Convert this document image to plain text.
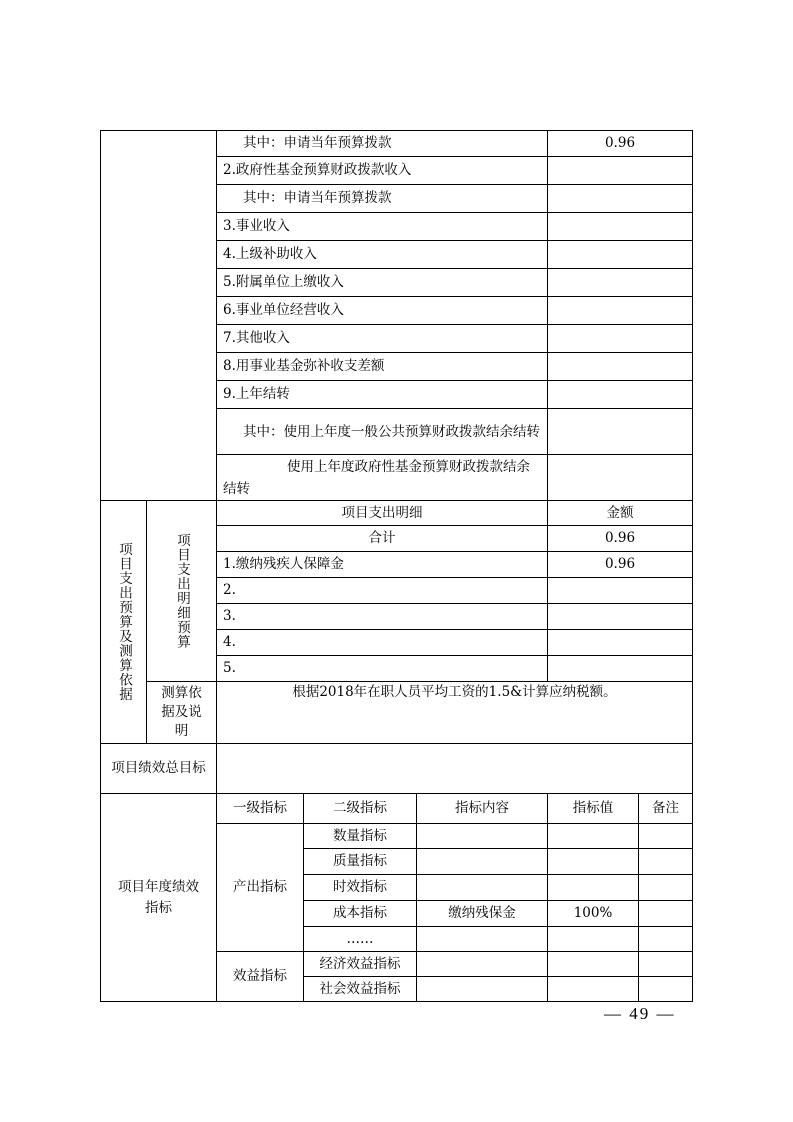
		其中：申请当年预算拨款			0.96	
		2.政府性基金预算财政拨款收入				
		其中：申请当年预算拨款				
		3.事业收入				
		4.上级补助收入				
		5.附属单位上缴收入				
		6.事业单位经营收入				
		7.其他收入				
		8.用事业基金弥补收支差额				
		9.上年结转				
		其中：使用上年度一般公共预算财政拨款结余结转				
		使用上年度政府性基金预算财政拨款结余结转				

项目支出预算及测算依据	项目支出明细预算	项目支出明细			金额	
		合计			0.96	
		1.缴纳残疾人保障金			0.96	
		2.				
		3.				
		4.				
		5.				
	测算依据及说明	根据2018年在职人员平均工资的1.5&计算应纳税额。				
项目绩效总目标						
项目年度绩效指标		一级指标	二级指标	指标内容	指标值	备注
		产出指标	数量指标			
			质量指标			
			时效指标			
			成本指标	缴纳残保金	100%	
			……			
		效益指标	经济效益指标			
			社会效益指标			
— 49 —
